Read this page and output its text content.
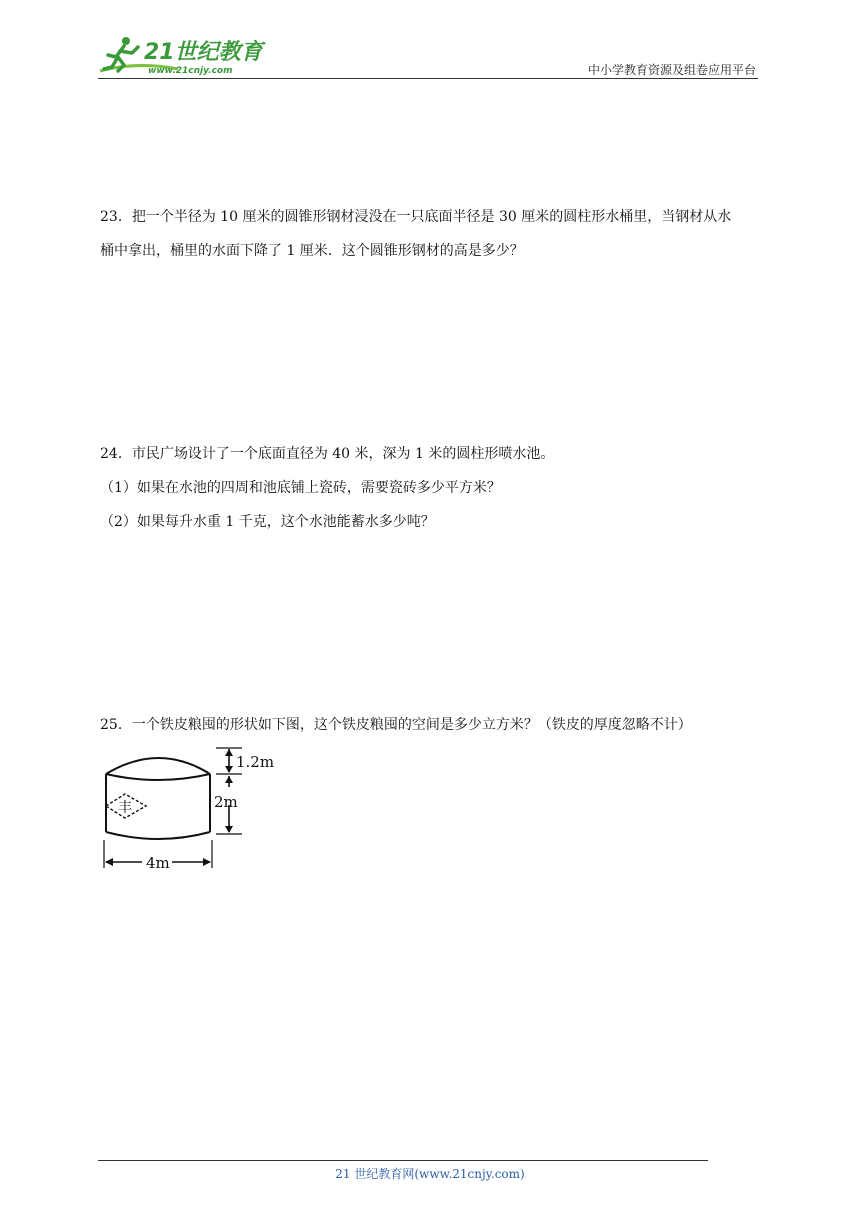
21世纪教育
www.21cnjy.com	中小学教育资源及组卷应用平台

23．把一个半径为 10 厘米的圆锥形钢材浸没在一只底面半径是 30 厘米的圆柱形水桶里，当钢材从水

桶中拿出，桶里的水面下降了 1 厘米．这个圆锥形钢材的高是多少？

24．市民广场设计了一个底面直径为 40 米，深为 1 米的圆柱形喷水池。

（1）如果在水池的四周和池底铺上瓷砖，需要瓷砖多少平方米？

（2）如果每升水重 1 千克，这个水池能蓄水多少吨？

25．一个铁皮粮囤的形状如下图，这个铁皮粮囤的空间是多少立方米？（铁皮的厚度忽略不计）

丰
1.2m
2m
4m
21 世纪教育网(www.21cnjy.com)
